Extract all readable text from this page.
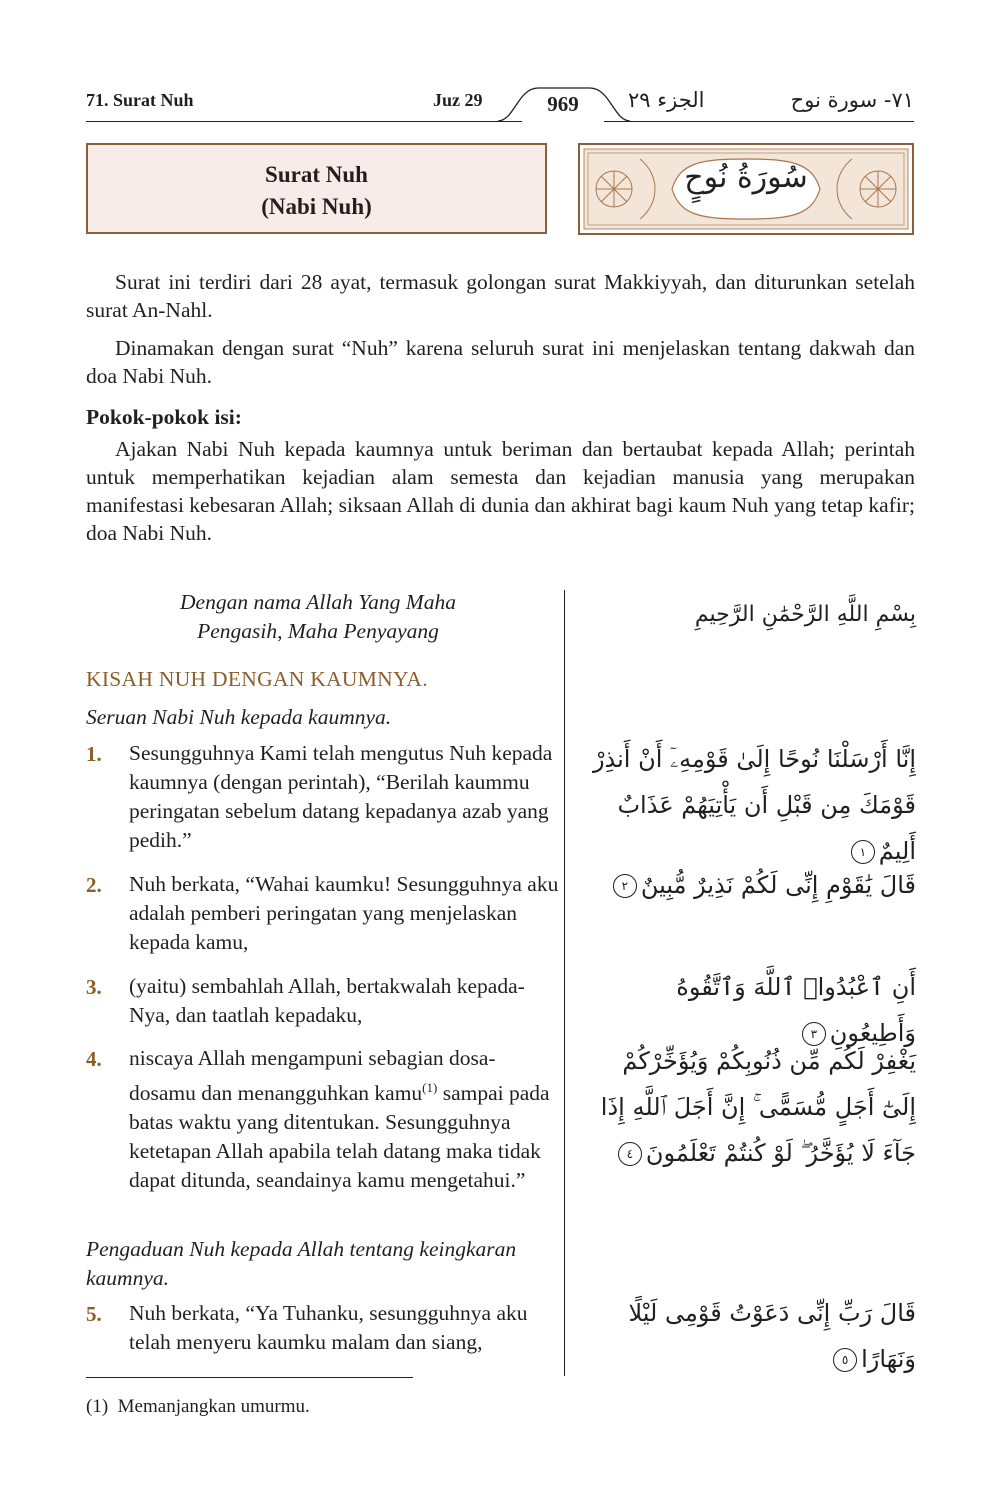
71. Surat Nuh	Juz 29	969	الجزء ٢٩	٧١- سورة نوح
Surat Nuh
(Nabi Nuh)
سُورَةُ نُوحٍ
Surat ini terdiri dari 28 ayat, termasuk golongan surat Makkiyyah, dan diturunkan setelah surat An-Nahl.
Dinamakan dengan surat “Nuh” karena seluruh surat ini menjelaskan tentang dakwah dan doa Nabi Nuh.
Pokok-pokok isi:
Ajakan Nabi Nuh kepada kaumnya untuk beriman dan bertaubat kepada Allah; perintah untuk memperhatikan kejadian alam semesta dan kejadian manusia yang merupakan manifestasi kebesaran Allah; siksaan Allah di dunia dan akhirat bagi kaum Nuh yang tetap kafir; doa Nabi Nuh.
Dengan nama Allah Yang Maha
Pengasih, Maha Penyayang
بِسْمِ اللَّهِ الرَّحْمَٰنِ الرَّحِيمِ
KISAH NUH DENGAN KAUMNYA.
Seruan Nabi Nuh kepada kaumnya.
1. Sesungguhnya Kami telah mengutus Nuh kepada kaumnya (dengan perintah), “Berilah kaummu peringatan sebelum datang kepadanya azab yang pedih.”
إِنَّا أَرْسَلْنَا نُوحًا إِلَىٰ قَوْمِهِۦٓ أَنْ أَنذِرْ قَوْمَكَ مِن قَبْلِ أَن يَأْتِيَهُمْ عَذَابٌ أَلِيمٌ١
2. Nuh berkata, “Wahai kaumku! Sesungguhnya aku adalah pemberi peringatan yang menjelaskan kepada kamu,
قَالَ يَٰقَوْمِ إِنِّى لَكُمْ نَذِيرٌ مُّبِينٌ٢
3. (yaitu) sembahlah Allah, bertakwalah kepada-Nya, dan taatlah kepadaku,
أَنِ ٱعْبُدُوا۟ ٱللَّهَ وَٱتَّقُوهُ وَأَطِيعُونِ٣
4. niscaya Allah mengampuni sebagian dosa-dosamu dan menangguhkan kamu$^{(1)}$ sampai pada batas waktu yang ditentukan. Sesungguhnya ketetapan Allah apabila telah datang maka tidak dapat ditunda, seandainya kamu mengetahui.”
يَغْفِرْ لَكُم مِّن ذُنُوبِكُمْ وَيُؤَخِّرْكُمْ إِلَىٰٓ أَجَلٍ مُّسَمًّى ۚ إِنَّ أَجَلَ ٱللَّهِ إِذَا جَآءَ لَا يُؤَخَّرُ ۖ لَوْ كُنتُمْ تَعْلَمُونَ٤
Pengaduan Nuh kepada Allah tentang keingkaran kaumnya.
5. Nuh berkata, “Ya Tuhanku, sesungguhnya aku telah menyeru kaumku malam dan siang,
قَالَ رَبِّ إِنِّى دَعَوْتُ قَوْمِى لَيْلًا وَنَهَارًا٥
(1) Memanjangkan umurmu.
